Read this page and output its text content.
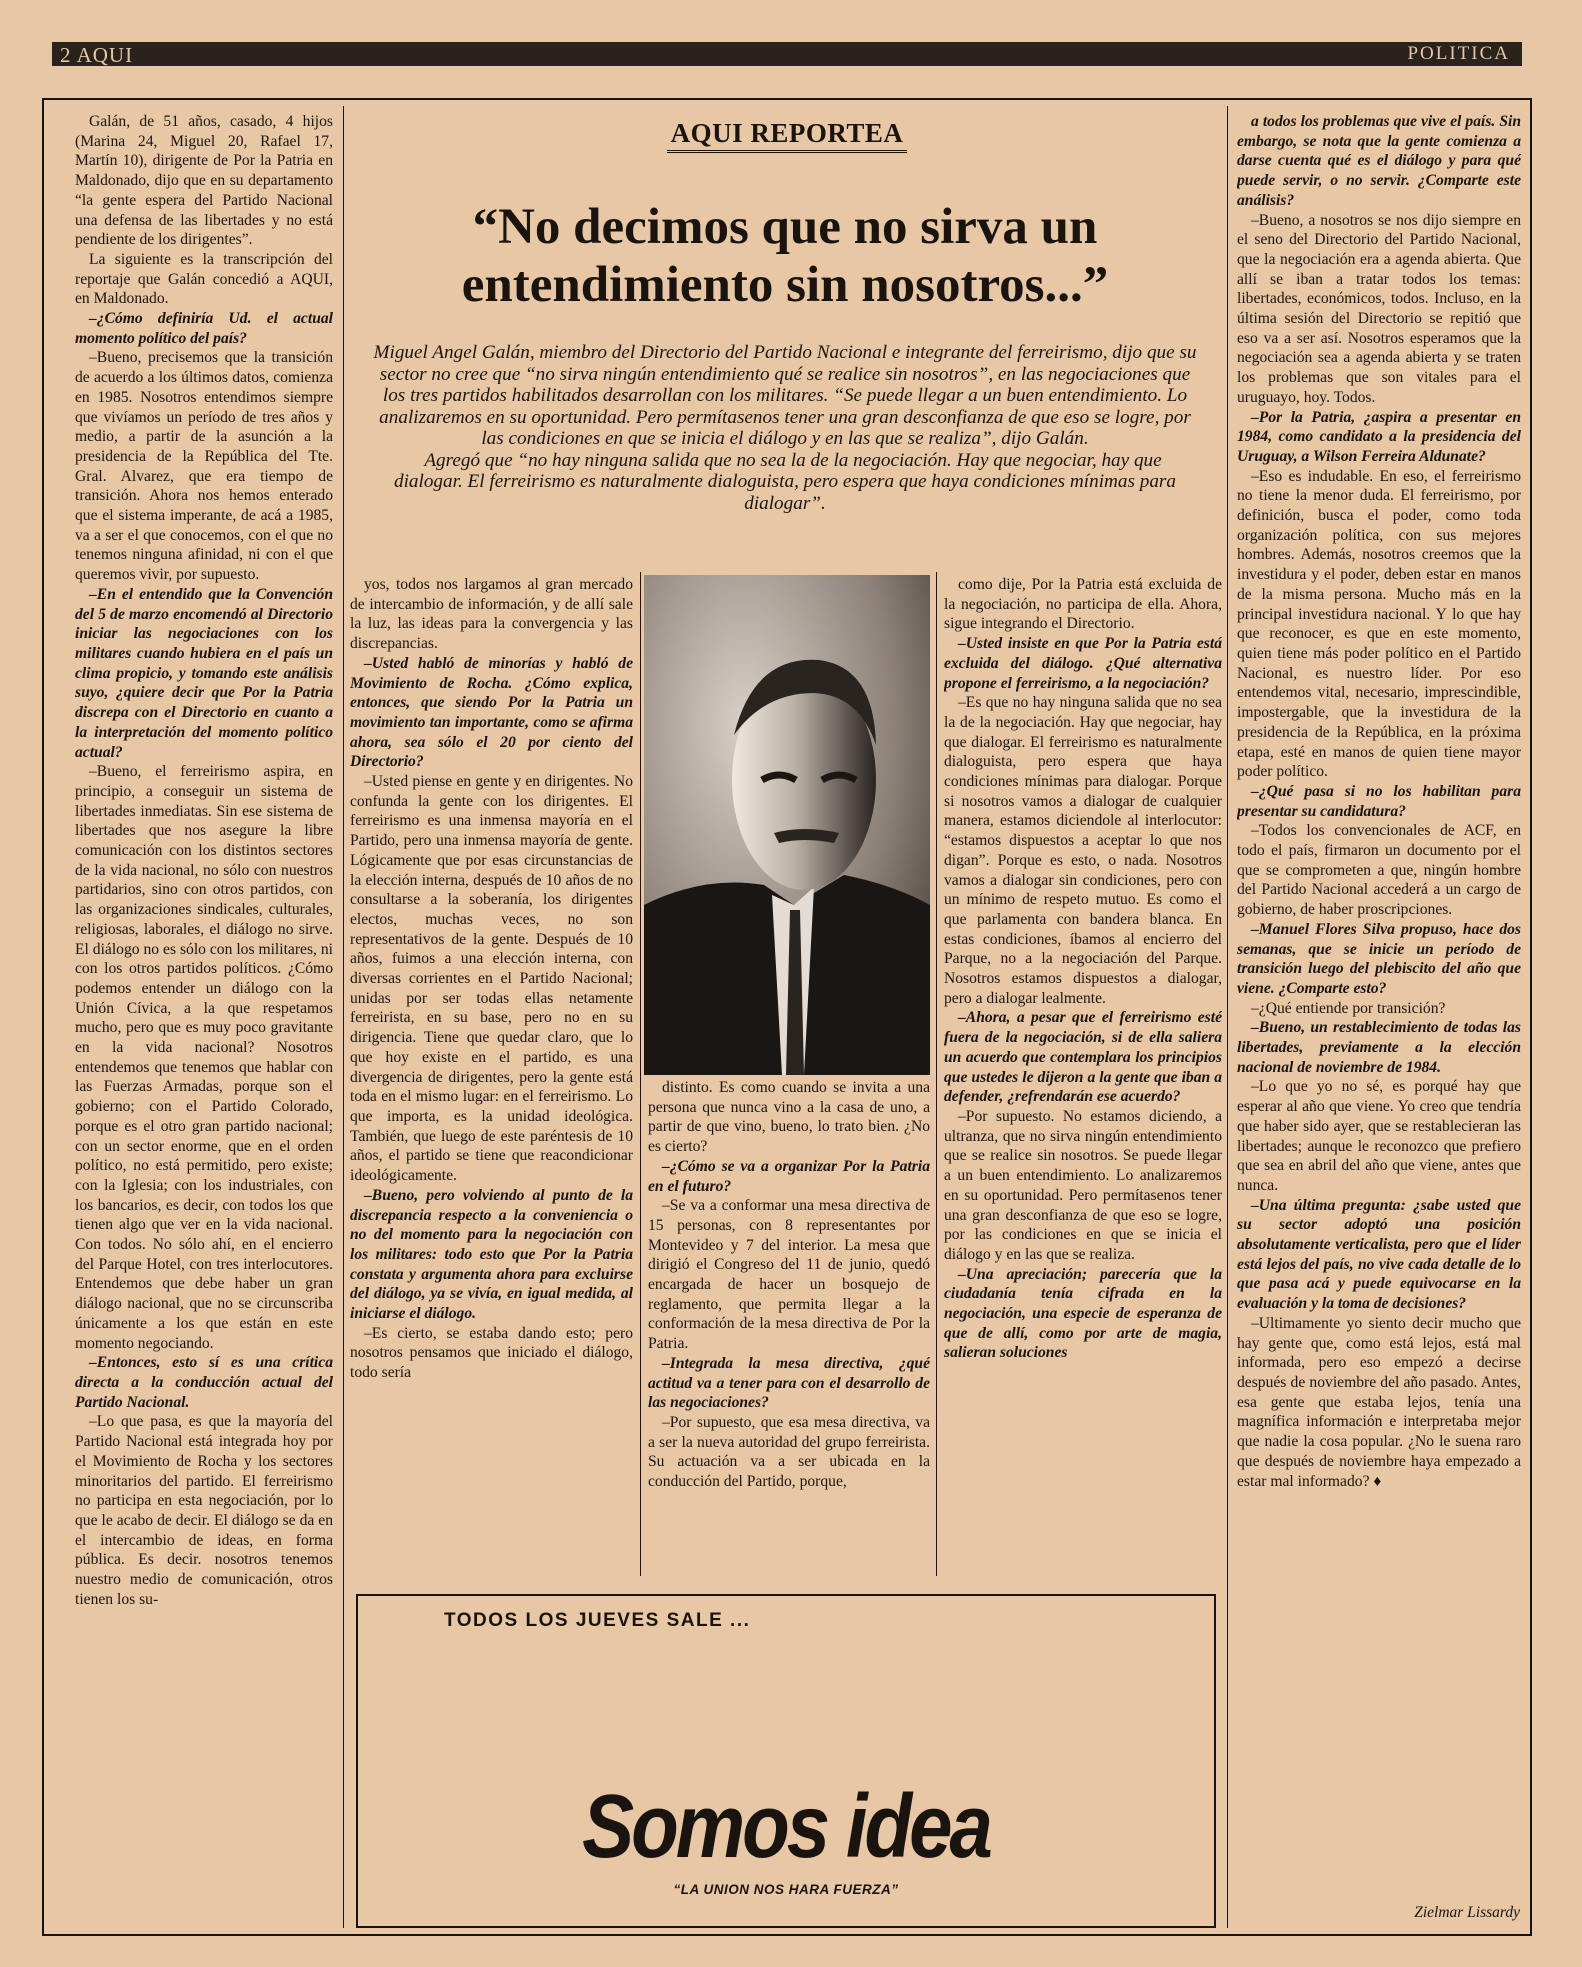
2 AQUI	POLITICA
AQUI REPORTEA
“No decimos que no sirva un entendimiento sin nosotros...”
Miguel Angel Galán, miembro del Directorio del Partido Nacional e integrante del ferreirismo, dijo que su sector no cree que “no sirva ningún entendimiento qué se realice sin nosotros”, en las negociaciones que los tres partidos habilitados desarrollan con los militares. “Se puede llegar a un buen entendimiento. Lo analizaremos en su oportunidad. Pero permítasenos tener una gran desconfianza de que eso se logre, por las condiciones en que se inicia el diálogo y en las que se realiza”, dijo Galán.
Agregó que “no hay ninguna salida que no sea la de la negociación. Hay que negociar, hay que dialogar. El ferreirismo es naturalmente dialoguista, pero espera que haya condiciones mínimas para dialogar”.

Galán, de 51 años, casado, 4 hijos (Marina 24, Miguel 20, Rafael 17, Martín 10), dirigente de Por la Patria en Maldonado, dijo que en su departamento “la gente espera del Partido Nacional una defensa de las libertades y no está pendiente de los dirigentes”.

La siguiente es la transcripción del reportaje que Galán concedió a AQUI, en Maldonado.

–¿Cómo definiría Ud. el actual momento político del país?

–Bueno, precisemos que la transición de acuerdo a los últimos datos, comienza en 1985. Nosotros entendimos siempre que vivíamos un período de tres años y medio, a partir de la asunción a la presidencia de la República del Tte. Gral. Alvarez, que era tiempo de transición. Ahora nos hemos enterado que el sistema imperante, de acá a 1985, va a ser el que conocemos, con el que no tenemos ninguna afinidad, ni con el que queremos vivir, por supuesto.

–En el entendido que la Convención del 5 de marzo encomendó al Directorio iniciar las negociaciones con los militares cuando hubiera en el país un clima propicio, y tomando este análisis suyo, ¿quiere decir que Por la Patria discrepa con el Directorio en cuanto a la interpretación del momento político actual?

–Bueno, el ferreirismo aspira, en principio, a conseguir un sistema de libertades inmediatas. Sin ese sistema de libertades que nos asegure la libre comunicación con los distintos sectores de la vida nacional, no sólo con nuestros partidarios, sino con otros partidos, con las organizaciones sindicales, culturales, religiosas, laborales, el diálogo no sirve. El diálogo no es sólo con los militares, ni con los otros partidos políticos. ¿Cómo podemos entender un diálogo con la Unión Cívica, a la que respetamos mucho, pero que es muy poco gravitante en la vida nacional? Nosotros entendemos que tenemos que hablar con las Fuerzas Armadas, porque son el gobierno; con el Partido Colorado, porque es el otro gran partido nacional; con un sector enorme, que en el orden político, no está permitido, pero existe; con la Iglesia; con los industriales, con los bancarios, es decir, con todos los que tienen algo que ver en la vida nacional. Con todos. No sólo ahí, en el encierro del Parque Hotel, con tres interlocutores. Entendemos que debe haber un gran diálogo nacional, que no se circunscriba únicamente a los que están en este momento negociando.

–Entonces, esto sí es una crítica directa a la conducción actual del Partido Nacional.

–Lo que pasa, es que la mayoría del Partido Nacional está integrada hoy por el Movimiento de Rocha y los sectores minoritarios del partido. El ferreirismo no participa en esta negociación, por lo que le acabo de decir. El diálogo se da en el intercambio de ideas, en forma pública. Es decir. nosotros tenemos nuestro medio de comunicación, otros tienen los su-

yos, todos nos largamos al gran mercado de intercambio de información, y de allí sale la luz, las ideas para la convergencia y las discrepancias.

–Usted habló de minorías y habló de Movimiento de Rocha. ¿Cómo explica, entonces, que siendo Por la Patria un movimiento tan importante, como se afirma ahora, sea sólo el 20 por ciento del Directorio?

–Usted piense en gente y en dirigentes. No confunda la gente con los dirigentes. El ferreirismo es una inmensa mayoría en el Partido, pero una inmensa mayoría de gente. Lógicamente que por esas circunstancias de la elección interna, después de 10 años de no consultarse a la soberanía, los dirigentes electos, muchas veces, no son representativos de la gente. Después de 10 años, fuimos a una elección interna, con diversas corrientes en el Partido Nacional; unidas por ser todas ellas netamente ferreirista, en su base, pero no en su dirigencia. Tiene que quedar claro, que lo que hoy existe en el partido, es una divergencia de dirigentes, pero la gente está toda en el mismo lugar: en el ferreirismo. Lo que importa, es la unidad ideológica. También, que luego de este paréntesis de 10 años, el partido se tiene que reacondicionar ideológicamente.

–Bueno, pero volviendo al punto de la discrepancia respecto a la conveniencia o no del momento para la negociación con los militares: todo esto que Por la Patria constata y argumenta ahora para excluirse del diálogo, ya se vivía, en igual medida, al iniciarse el diálogo.

–Es cierto, se estaba dando esto; pero nosotros pensamos que iniciado el diálogo, todo sería

distinto. Es como cuando se invita a una persona que nunca vino a la casa de uno, a partir de que vino, bueno, lo trato bien. ¿No es cierto?

–¿Cómo se va a organizar Por la Patria en el futuro?

–Se va a conformar una mesa directiva de 15 personas, con 8 representantes por Montevideo y 7 del interior. La mesa que dirigió el Congreso del 11 de junio, quedó encargada de hacer un bosquejo de reglamento, que permita llegar a la conformación de la mesa directiva de Por la Patria.

–Integrada la mesa directiva, ¿qué actitud va a tener para con el desarrollo de las negociaciones?

–Por supuesto, que esa mesa directiva, va a ser la nueva autoridad del grupo ferreirista. Su actuación va a ser ubicada en la conducción del Partido, porque,

como dije, Por la Patria está excluida de la negociación, no participa de ella. Ahora, sigue integrando el Directorio.

–Usted insiste en que Por la Patria está excluida del diálogo. ¿Qué alternativa propone el ferreirismo, a la negociación?

–Es que no hay ninguna salida que no sea la de la negociación. Hay que negociar, hay que dialogar. El ferreirismo es naturalmente dialoguista, pero espera que haya condiciones mínimas para dialogar. Porque si nosotros vamos a dialogar de cualquier manera, estamos diciendole al interlocutor: “estamos dispuestos a aceptar lo que nos digan”. Porque es esto, o nada. Nosotros vamos a dialogar sin condiciones, pero con un mínimo de respeto mutuo. Es como el que parlamenta con bandera blanca. En estas condiciones, íbamos al encierro del Parque, no a la negociación del Parque. Nosotros estamos dispuestos a dialogar, pero a dialogar lealmente.

–Ahora, a pesar que el ferreirismo esté fuera de la negociación, si de ella saliera un acuerdo que contemplara los principios que ustedes le dijeron a la gente que iban a defender, ¿refrendarán ese acuerdo?

–Por supuesto. No estamos diciendo, a ultranza, que no sirva ningún entendimiento que se realice sin nosotros. Se puede llegar a un buen entendimiento. Lo analizaremos en su oportunidad. Pero permítasenos tener una gran desconfianza de que eso se logre, por las condiciones en que se inicia el diálogo y en las que se realiza.

–Una apreciación; parecería que la ciudadanía tenía cifrada en la negociación, una especie de esperanza de que de allí, como por arte de magia, salieran soluciones

a todos los problemas que vive el país. Sin embargo, se nota que la gente comienza a darse cuenta qué es el diálogo y para qué puede servir, o no servir. ¿Comparte este análisis?

–Bueno, a nosotros se nos dijo siempre en el seno del Directorio del Partido Nacional, que la negociación era a agenda abierta. Que allí se iban a tratar todos los temas: libertades, económicos, todos. Incluso, en la última sesión del Directorio se repitió que eso va a ser así. Nosotros esperamos que la negociación sea a agenda abierta y se traten los problemas que son vitales para el uruguayo, hoy. Todos.

–Por la Patria, ¿aspira a presentar en 1984, como candidato a la presidencia del Uruguay, a Wilson Ferreira Aldunate?

–Eso es indudable. En eso, el ferreirismo no tiene la menor duda. El ferreirismo, por definición, busca el poder, como toda organización política, con sus mejores hombres. Además, nosotros creemos que la investidura y el poder, deben estar en manos de la misma persona. Mucho más en la principal investidura nacional. Y lo que hay que reconocer, es que en este momento, quien tiene más poder político en el Partido Nacional, es nuestro líder. Por eso entendemos vital, necesario, imprescindible, impostergable, que la investidura de la presidencia de la República, en la próxima etapa, esté en manos de quien tiene mayor poder político.

–¿Qué pasa si no los habilitan para presentar su candidatura?

–Todos los convencionales de ACF, en todo el país, firmaron un documento por el que se comprometen a que, ningún hombre del Partido Nacional accederá a un cargo de gobierno, de haber proscripciones.

–Manuel Flores Silva propuso, hace dos semanas, que se inicie un período de transición luego del plebiscito del año que viene. ¿Comparte esto?

–¿Qué entiende por transición?

–Bueno, un restablecimiento de todas las libertades, previamente a la elección nacional de noviembre de 1984.

–Lo que yo no sé, es porqué hay que esperar al año que viene. Yo creo que tendría que haber sido ayer, que se restablecieran las libertades; aunque le reconozco que prefiero que sea en abril del año que viene, antes que nunca.

–Una última pregunta: ¿sabe usted que su sector adoptó una posición absolutamente verticalista, pero que el líder está lejos del país, no vive cada detalle de lo que pasa acá y puede equivocarse en la evaluación y la toma de decisiones?

–Ultimamente yo siento decir mucho que hay gente que, como está lejos, está mal informada, pero eso empezó a decirse después de noviembre del año pasado. Antes, esa gente que estaba lejos, tenía una magnífica información e interpretaba mejor que nadie la cosa popular. ¿No le suena raro que después de noviembre haya empezado a estar mal informado? ♦

TODOS LOS JUEVES SALE ...
Somos idea
“LA UNION NOS HARA FUERZA”
Zielmar Lissardy
